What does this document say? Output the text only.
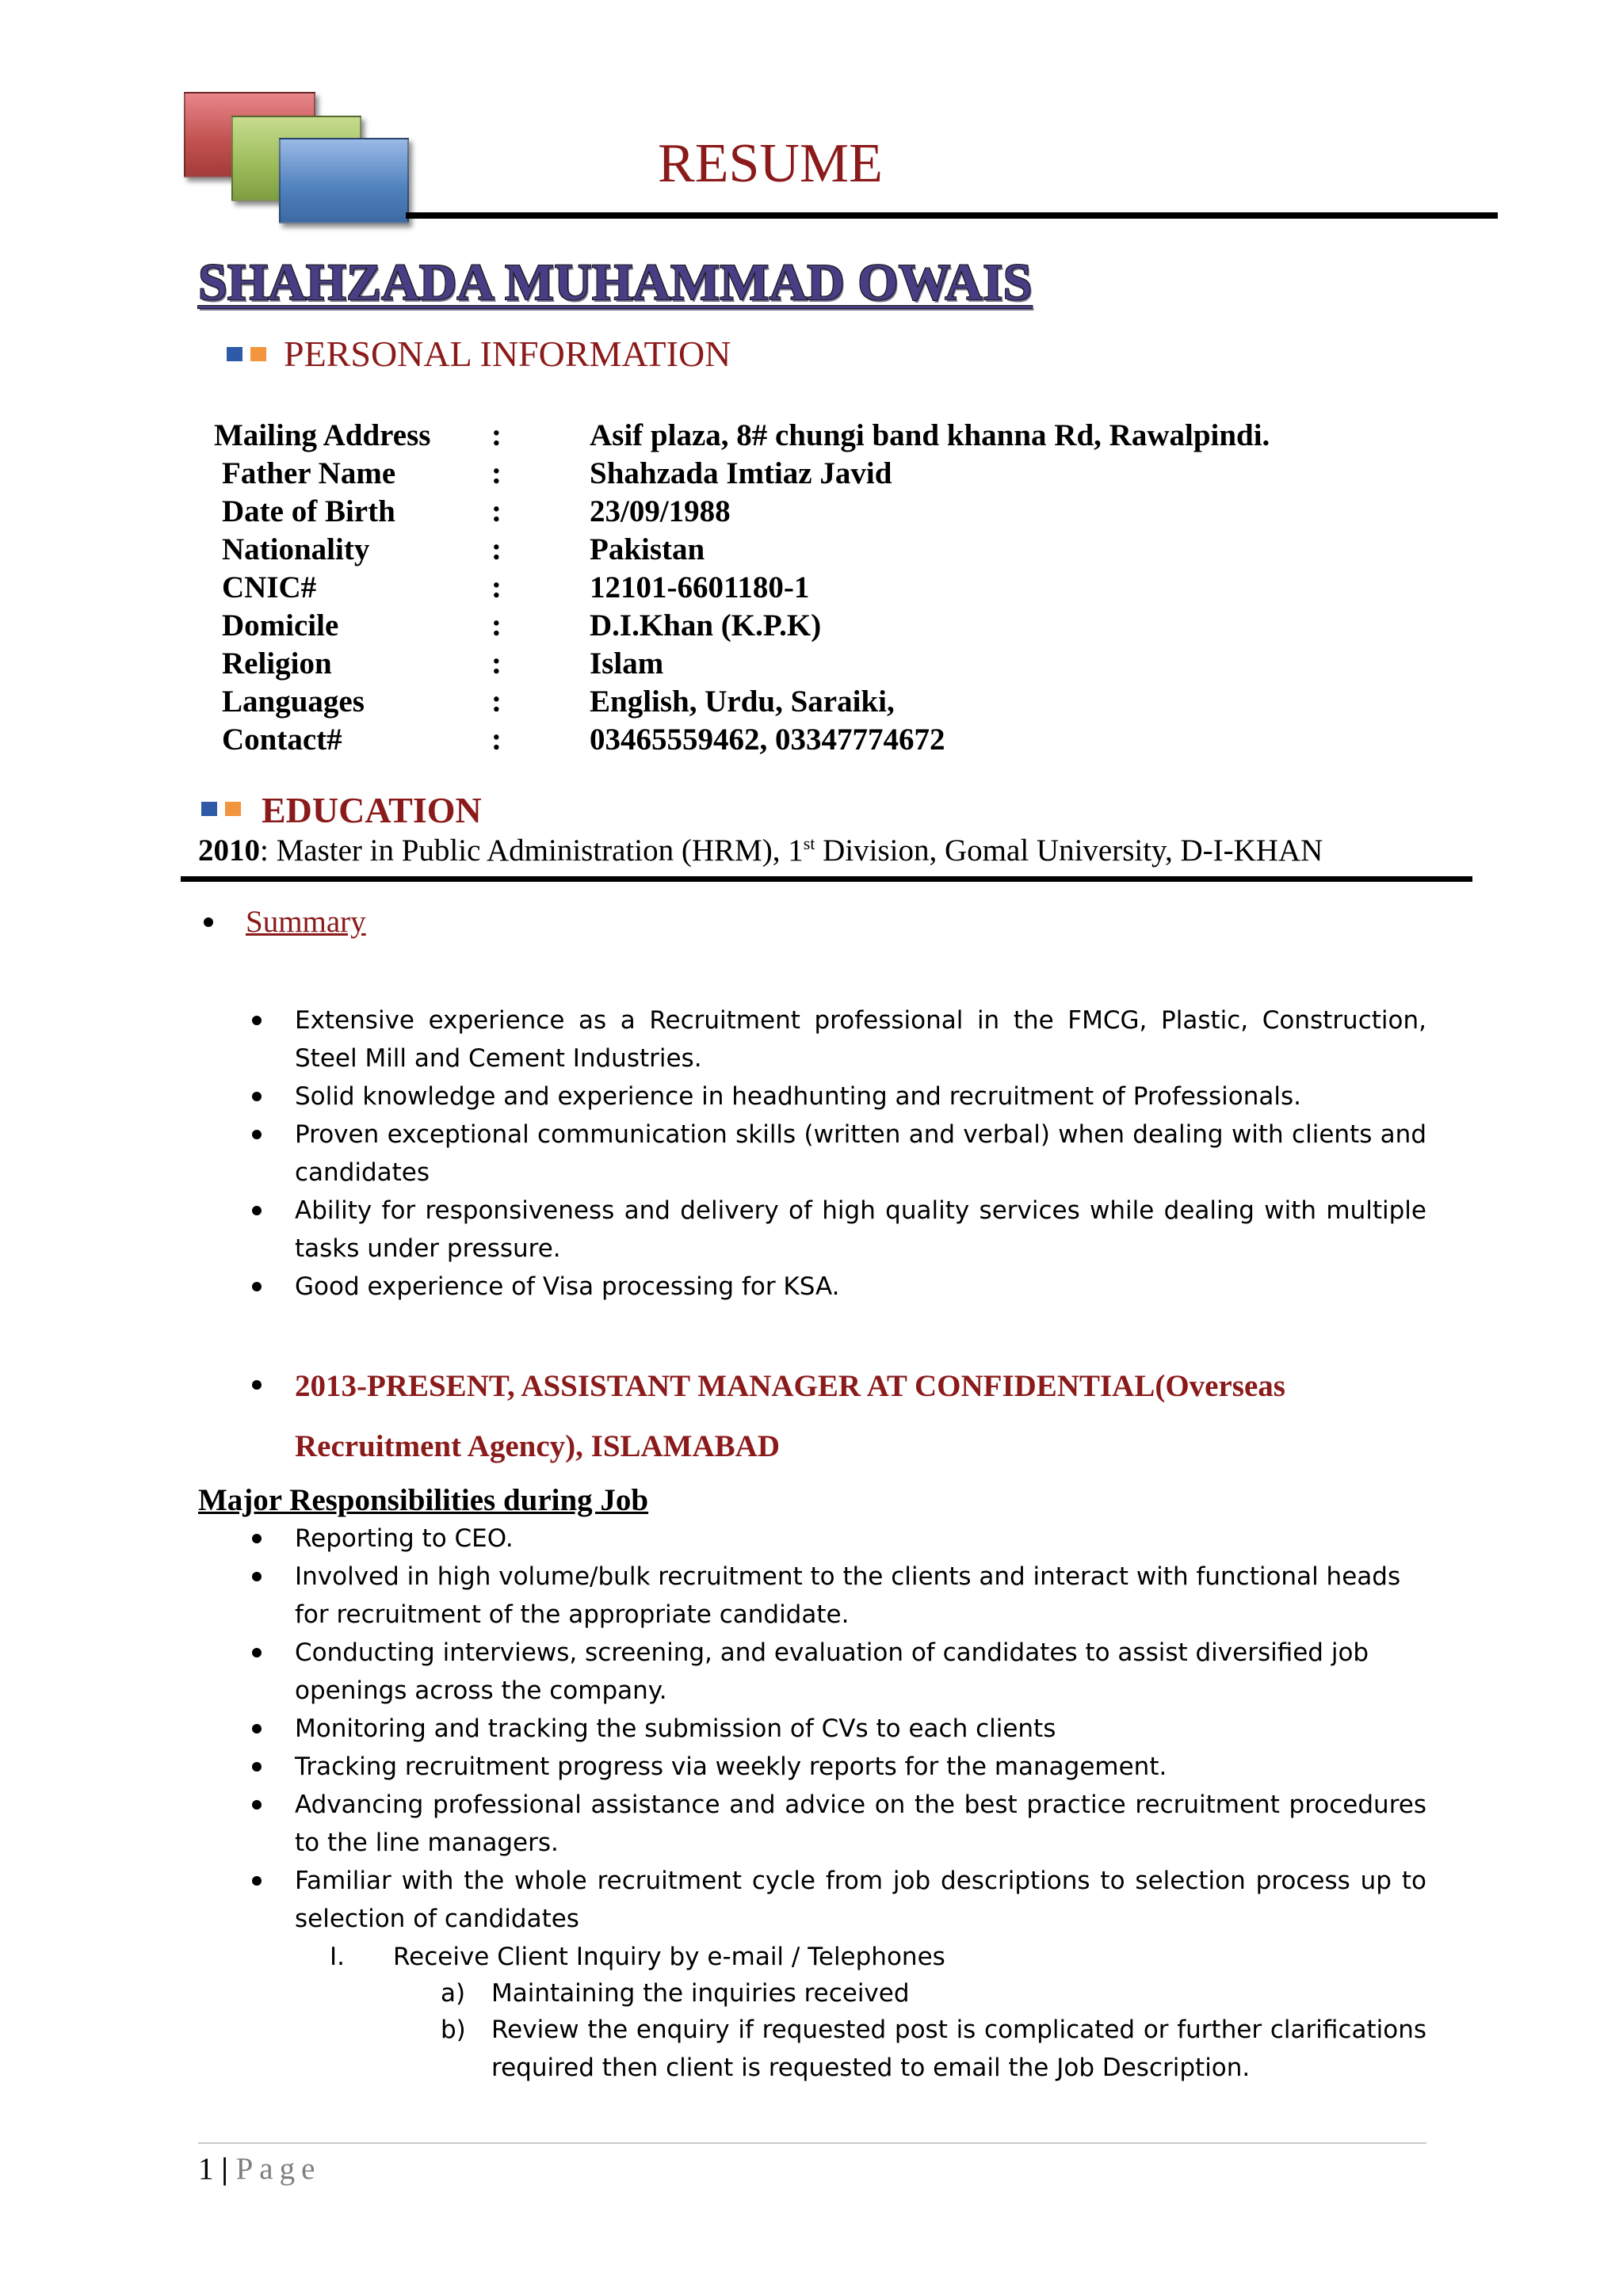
RESUME
SHAHZADA MUHAMMAD OWAIS
PERSONAL INFORMATION
Mailing Address :	Asif plaza, 8# chungi band khanna Rd, Rawalpindi.
Father Name	:	Shahzada Imtiaz Javid
Date of Birth	:	23/09/1988
Nationality	:	Pakistan
CNIC#	:	12101-6601180-1
Domicile	:	D.I.Khan (K.P.K)
Religion	:	Islam
Languages	:	English, Urdu, Saraiki,
Contact#	:	03465559462, 03347774672
EDUCATION
2010: Master in Public Administration (HRM), 1st Division, Gomal University, D-I-KHAN
Summary
Extensive experience as a Recruitment professional in the FMCG, Plastic, Construction, Steel Mill and Cement Industries.
Solid knowledge and experience in headhunting and recruitment of Professionals.
Proven exceptional communication skills (written and verbal) when dealing with clients and candidates
Ability for responsiveness and delivery of high quality services while dealing with multiple tasks under pressure.
Good experience of Visa processing for KSA.
2013-PRESENT, ASSISTANT MANAGER AT CONFIDENTIAL(Overseas
Recruitment Agency), ISLAMABAD
Major Responsibilities during Job
Reporting to CEO.
Involved in high volume/bulk recruitment to the clients and interact with functional heads for recruitment of the appropriate candidate.
Conducting interviews, screening, and evaluation of candidates to assist diversified job openings across the company.
Monitoring and tracking the submission of CVs to each clients
Tracking recruitment progress via weekly reports for the management.
Advancing professional assistance and advice on the best practice recruitment procedures to the line managers.
Familiar with the whole recruitment cycle from job descriptions to selection process up to selection of candidates
I. Receive Client Inquiry by e-mail / Telephones
a) Maintaining the inquiries received
b) Review the enquiry if requested post is complicated or further clarifications required then client is requested to email the Job Description.
1 | Page
